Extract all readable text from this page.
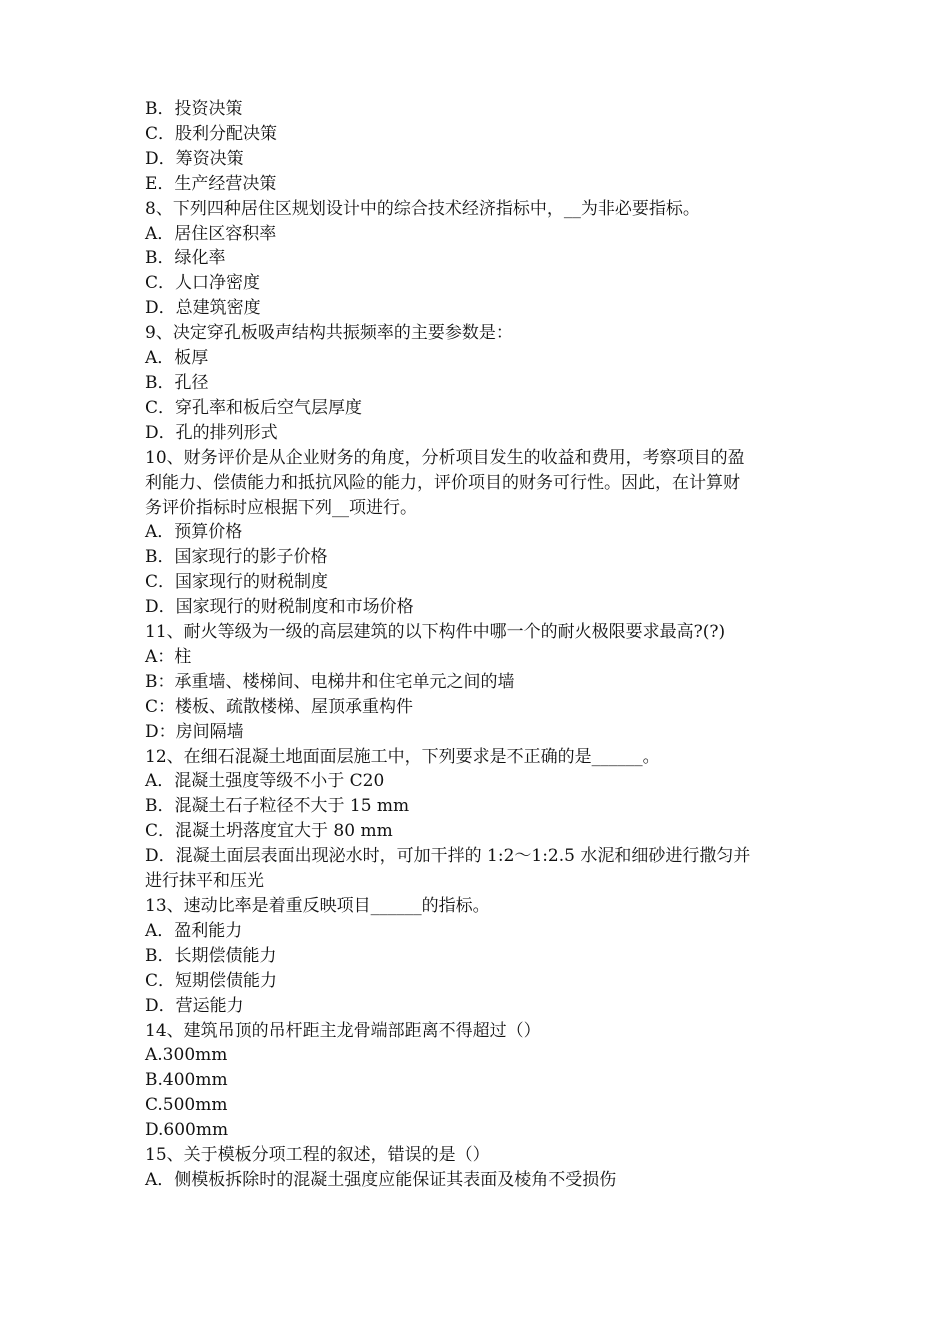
B．投资决策
C．股利分配决策
D．筹资决策
E．生产经营决策
8、下列四种居住区规划设计中的综合技术经济指标中，__为非必要指标。
A．居住区容积率
B．绿化率
C．人口净密度
D．总建筑密度
9、决定穿孔板吸声结构共振频率的主要参数是：
A．板厚
B．孔径
C．穿孔率和板后空气层厚度
D．孔的排列形式
10、财务评价是从企业财务的角度，分析项目发生的收益和费用，考察项目的盈
利能力、偿债能力和抵抗风险的能力，评价项目的财务可行性。因此，在计算财
务评价指标时应根据下列__项进行。
A．预算价格
B．国家现行的影子价格
C．国家现行的财税制度
D．国家现行的财税制度和市场价格
11、耐火等级为一级的高层建筑的以下构件中哪一个的耐火极限要求最高?(?)
A：柱
B：承重墙、楼梯间、电梯井和住宅单元之间的墙
C：楼板、疏散楼梯、屋顶承重构件
D：房间隔墙
12、在细石混凝土地面面层施工中，下列要求是不正确的是______。
A．混凝土强度等级不小于 C20
B．混凝土石子粒径不大于 15 mm
C．混凝土坍落度宜大于 80 mm
D．混凝土面层表面出现泌水时，可加干拌的 1:2～1:2.5 水泥和细砂进行撒匀并
进行抹平和压光
13、速动比率是着重反映项目______的指标。
A．盈利能力
B．长期偿债能力
C．短期偿债能力
D．营运能力
14、建筑吊顶的吊杆距主龙骨端部距离不得超过（）
A.300mm
B.400mm
C.500mm
D.600mm
15、关于模板分项工程的叙述，错误的是（）
A．侧模板拆除时的混凝土强度应能保证其表面及棱角不受损伤
